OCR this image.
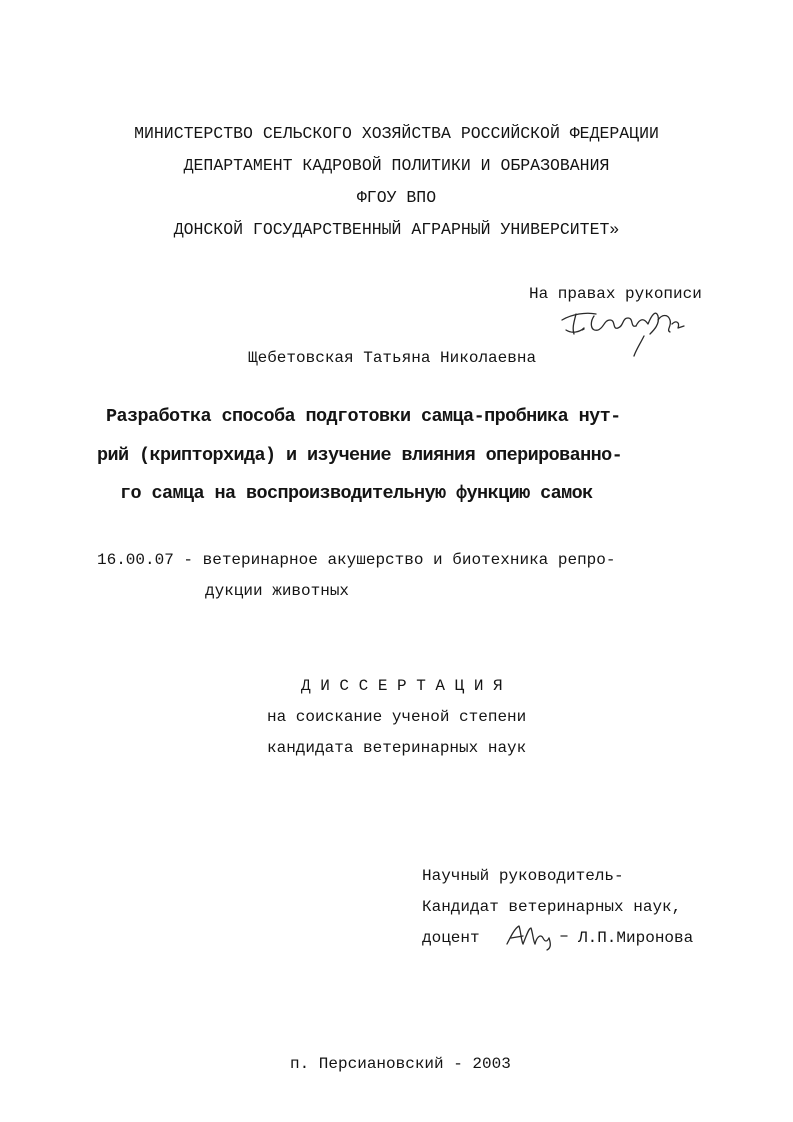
МИНИСТЕРСТВО СЕЛЬСКОГО ХОЗЯЙСТВА РОССИЙСКОЙ ФЕДЕРАЦИИ
ДЕПАРТАМЕНТ КАДРОВОЙ ПОЛИТИКИ И ОБРАЗОВАНИЯ
ФГОУ ВПО
ДОНСКОЙ ГОСУДАРСТВЕННЫЙ АГРАРНЫЙ УНИВЕРСИТЕТ»
На правах рукописи
Щебетовская Татьяна Николаевна
Разработка способа подготовки самца-пробника нут-
рий (крипторхида) и изучение влияния оперированно-
го самца на воспроизводительную функцию самок
16.00.07 - ветеринарное акушерство и биотехника репро-
дукции животных
Д И С С Е Р Т А Ц И Я
на соискание ученой степени
кандидата ветеринарных наук
Научный руководитель-
Кандидат ветеринарных наук,
доцент	Л.П.Миронова
п. Персиановский - 2003
